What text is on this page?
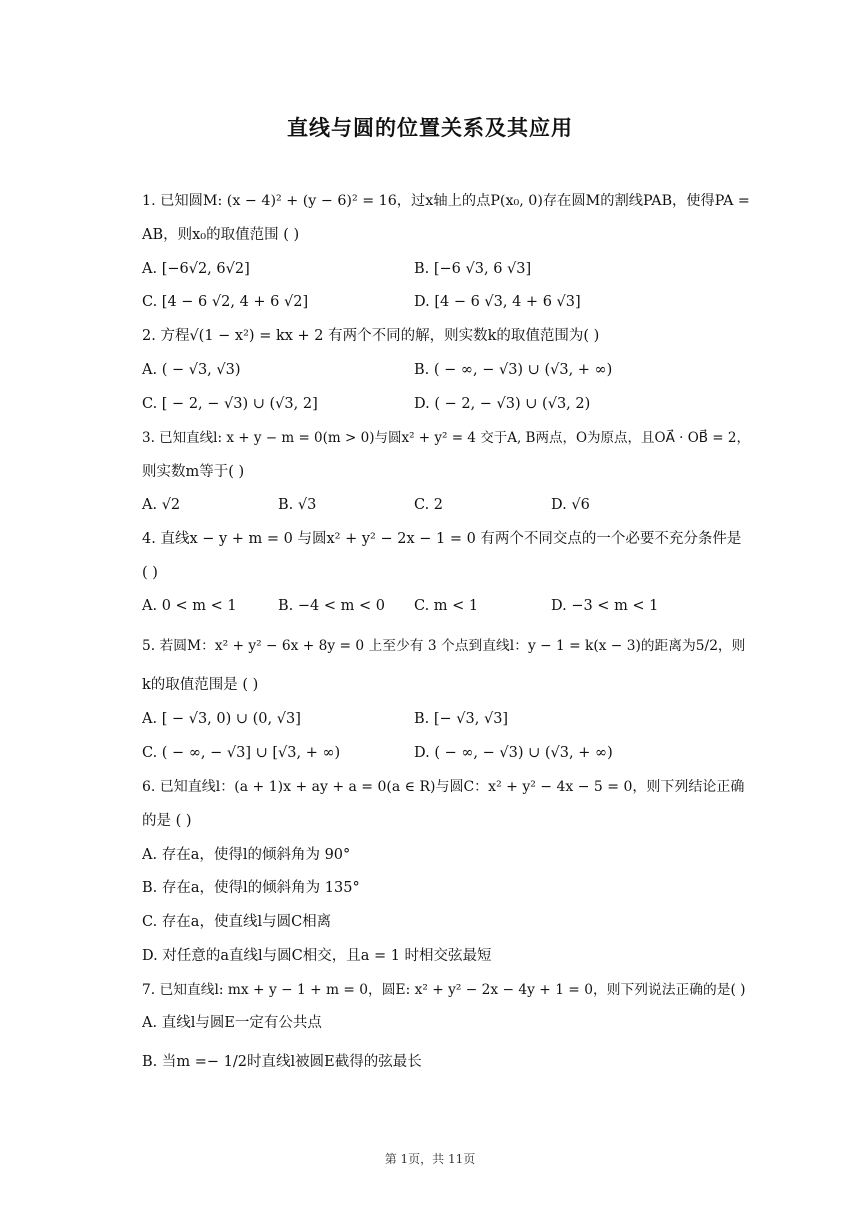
直线与圆的位置关系及其应用
1. 已知圆M: (x − 4)² + (y − 6)² = 16，过x轴上的点P(x₀, 0)存在圆M的割线PAB，使得PA =
AB，则x₀的取值范围 ( )
A. [−6√2, 6√2]	B. [−6 √3, 6 √3]
C. [4 − 6 √2, 4 + 6 √2]	D. [4 − 6 √3, 4 + 6 √3]
2. 方程√(1 − x²) = kx + 2 有两个不同的解，则实数k的取值范围为( )
A. ( − √3, √3)	B. ( − ∞, − √3) ∪ (√3, + ∞)
C. [ − 2, − √3) ∪ (√3, 2]	D. ( − 2, − √3) ∪ (√3, 2)
3. 已知直线l: x + y − m = 0(m > 0)与圆x² + y² = 4 交于A, B两点，O为原点，且OA⃗ · OB⃗ = 2，
则实数m等于( )
A. √2	B. √3	C. 2	D. √6
4. 直线x − y + m = 0 与圆x² + y² − 2x − 1 = 0 有两个不同交点的一个必要不充分条件是
( )
A. 0 < m < 1	B. −4 < m < 0 C. m < 1	D. −3 < m < 1
5. 若圆M：x² + y² − 6x + 8y = 0 上至少有 3 个点到直线l：y − 1 = k(x − 3)的距离为5/2，则
k的取值范围是 ( )
A. [ − √3, 0) ∪ (0, √3]	B. [− √3, √3]
C. ( − ∞, − √3] ∪ [√3, + ∞)	D. ( − ∞, − √3) ∪ (√3, + ∞)
6. 已知直线l：(a + 1)x + ay + a = 0(a ∈ R)与圆C：x² + y² − 4x − 5 = 0，则下列结论正确
的是 ( )
A. 存在a，使得l的倾斜角为 90°
B. 存在a，使得l的倾斜角为 135°
C. 存在a，使直线l与圆C相离
D. 对任意的a直线l与圆C相交，且a = 1 时相交弦最短
7. 已知直线l: mx + y − 1 + m = 0，圆E: x² + y² − 2x − 4y + 1 = 0，则下列说法正确的是( )
A. 直线l与圆E一定有公共点
B. 当m =− 1/2时直线l被圆E截得的弦最长
第 1页，共 11页
